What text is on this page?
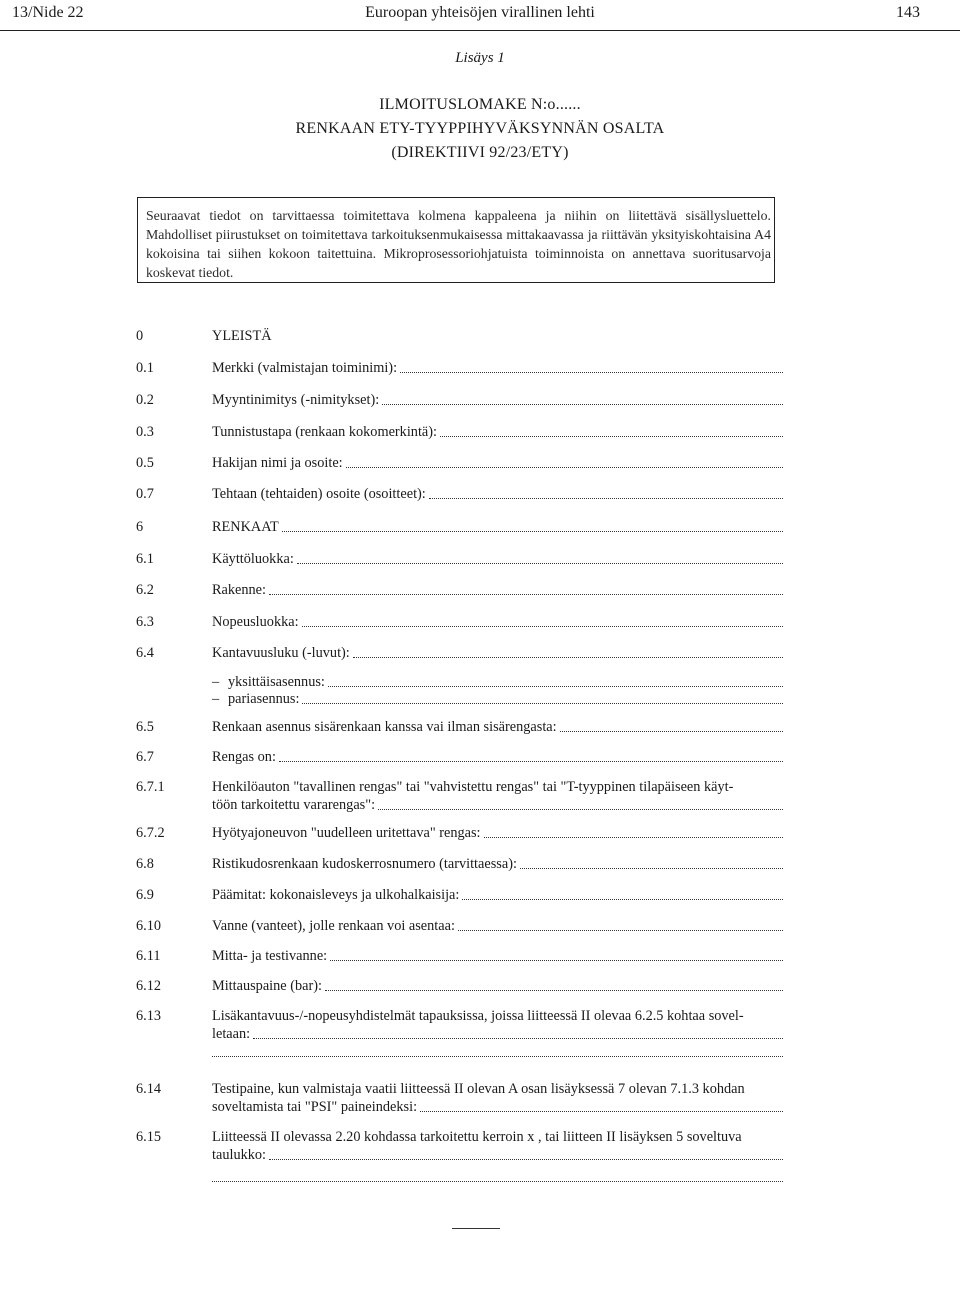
13/Nide 22	Euroopan yhteisöjen virallinen lehti	143
Lisäys 1
ILMOITUSLOMAKE N:o......
RENKAAN ETY-TYYPPIHYVÄKSYNNÄN OSALTA
(DIREKTIIVI 92/23/ETY)

Seuraavat tiedot on tarvittaessa toimitettava kolmena kappaleena ja niihin on liitettävä sisällysluettelo. Mahdolliset piirustukset on toimitettava tarkoituksenmukaisessa mittakaavassa ja riittävän yksityiskohtaisina A4 kokoisina tai siihen kokoon taitettuina. Mikroprosessoriohjatuista toiminnoista on annettava suoritusarvoja koskevat tiedot.

0	YLEISTÄ
0.1	Merkki (valmistajan toiminimi):
0.2	Myyntinimitys (-nimitykset):
0.3	Tunnistustapa (renkaan kokomerkintä):
0.5	Hakijan nimi ja osoite:
0.7	Tehtaan (tehtaiden) osoite (osoitteet):
6	RENKAAT
6.1	Käyttöluokka:
6.2	Rakenne:
6.3	Nopeusluokka:
6.4	Kantavuusluku (-luvut):
– yksittäisasennus:
– pariasennus:
6.5	Renkaan asennus sisärenkaan kanssa vai ilman sisärengasta:
6.7	Rengas on:
6.7.1	Henkilöauton "tavallinen rengas" tai "vahvistettu rengas" tai "T-tyyppinen tilapäiseen käyt-
töön tarkoitettu vararengas":
6.7.2	Hyötyajoneuvon "uudelleen uritettava" rengas:
6.8	Ristikudosrenkaan kudoskerrosnumero (tarvittaessa):
6.9	Päämitat: kokonaisleveys ja ulkohalkaisija:
6.10	Vanne (vanteet), jolle renkaan voi asentaa:
6.11	Mitta- ja testivanne:
6.12	Mittauspaine (bar):
6.13	Lisäkantavuus-/-nopeusyhdistelmät tapauksissa, joissa liitteessä II olevaa 6.2.5 kohtaa sovel-
letaan:
6.14	Testipaine, kun valmistaja vaatii liitteessä II olevan A osan lisäyksessä 7 olevan 7.1.3 kohdan
soveltamista tai "PSI" paineindeksi:
6.15	Liitteessä II olevassa 2.20 kohdassa tarkoitettu kerroin x , tai liitteen II lisäyksen 5 soveltuva
taulukko:
